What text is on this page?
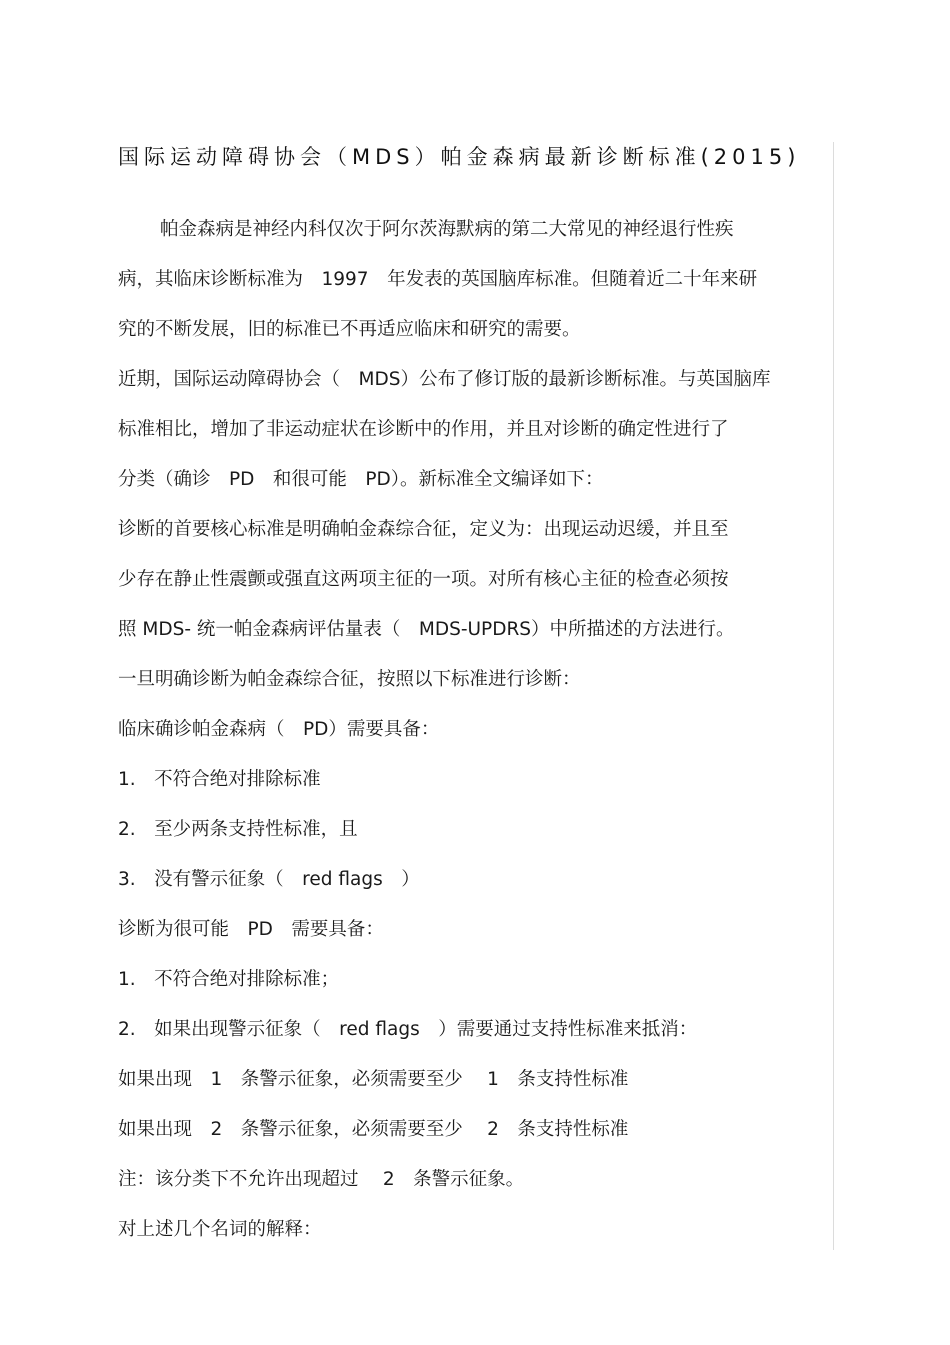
国际运动障碍协会（MDS）帕金森病最新诊断标准(2015)
帕金森病是神经内科仅次于阿尔茨海默病的第二大常见的神经退行性疾
病，其临床诊断标准为　1997　年发表的英国脑库标准。但随着近二十年来研
究的不断发展，旧的标准已不再适应临床和研究的需要。
近期，国际运动障碍协会（　MDS）公布了修订版的最新诊断标准。与英国脑库
标准相比，增加了非运动症状在诊断中的作用，并且对诊断的确定性进行了
分类（确诊　PD　和很可能　PD）。新标准全文编译如下：
诊断的首要核心标准是明确帕金森综合征，定义为：出现运动迟缓，并且至
少存在静止性震颤或强直这两项主征的一项。对所有核心主征的检查必须按
照 MDS- 统一帕金森病评估量表（　MDS-UPDRS）中所描述的方法进行。
一旦明确诊断为帕金森综合征，按照以下标准进行诊断：
临床确诊帕金森病（　PD）需要具备：
1.　不符合绝对排除标准
2.　至少两条支持性标准，且
3.　没有警示征象（　red flags　）
诊断为很可能　PD　需要具备：
1.　不符合绝对排除标准；
2.　如果出现警示征象（　red flags　）需要通过支持性标准来抵消：
如果出现　1　条警示征象，必须需要至少　 1　条支持性标准
如果出现　2　条警示征象，必须需要至少　 2　条支持性标准
注：该分类下不允许出现超过　 2　条警示征象。
对上述几个名词的解释：
